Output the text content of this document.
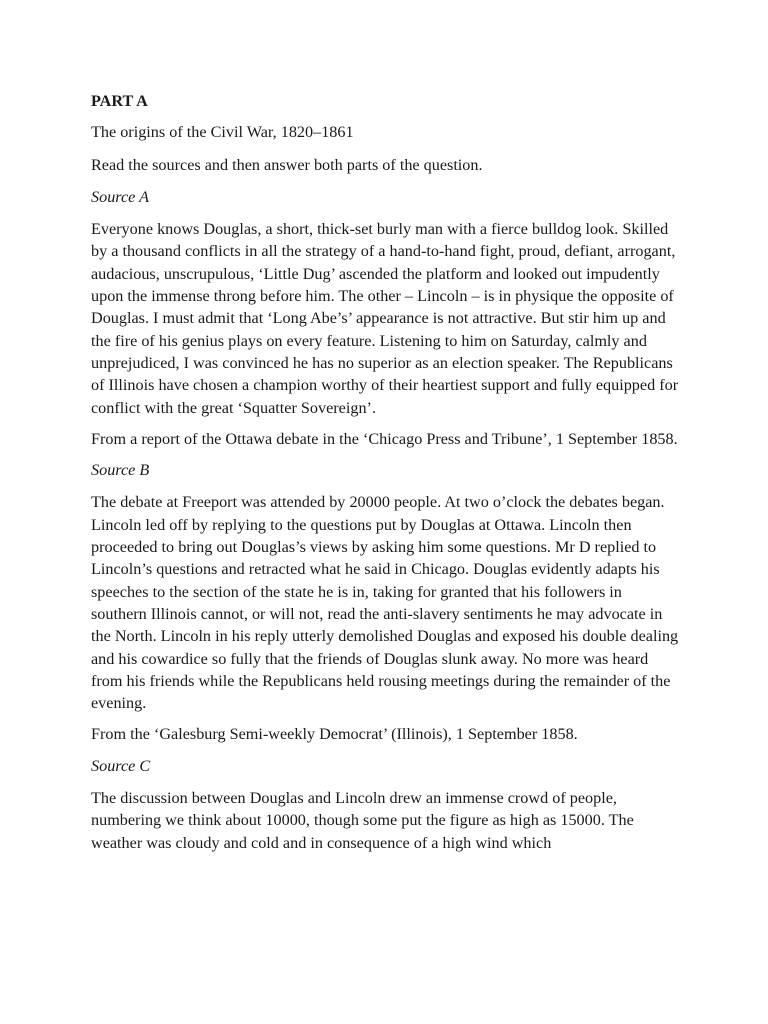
PART A
The origins of the Civil War, 1820–1861
Read the sources and then answer both parts of the question.
Source A
Everyone knows Douglas, a short, thick-set burly man with a fierce bulldog look. Skilled by a thousand conflicts in all the strategy of a hand-to-hand fight, proud, defiant, arrogant, audacious, unscrupulous, ‘Little Dug’ ascended the platform and looked out impudently upon the immense throng before him. The other – Lincoln – is in physique the opposite of Douglas. I must admit that ‘Long Abe’s’ appearance is not attractive. But stir him up and the fire of his genius plays on every feature. Listening to him on Saturday, calmly and unprejudiced, I was convinced he has no superior as an election speaker. The Republicans of Illinois have chosen a champion worthy of their heartiest support and fully equipped for conflict with the great ‘Squatter Sovereign’.
From a report of the Ottawa debate in the ‘Chicago Press and Tribune’, 1 September 1858.
Source B
The debate at Freeport was attended by 20000 people. At two o’clock the debates began. Lincoln led off by replying to the questions put by Douglas at Ottawa. Lincoln then proceeded to bring out Douglas’s views by asking him some questions. Mr D replied to Lincoln’s questions and retracted what he said in Chicago. Douglas evidently adapts his speeches to the section of the state he is in, taking for granted that his followers in southern Illinois cannot, or will not, read the anti-slavery sentiments he may advocate in the North. Lincoln in his reply utterly demolished Douglas and exposed his double dealing and his cowardice so fully that the friends of Douglas slunk away. No more was heard from his friends while the Republicans held rousing meetings during the remainder of the evening.
From the ‘Galesburg Semi-weekly Democrat’ (Illinois), 1 September 1858.
Source C
The discussion between Douglas and Lincoln drew an immense crowd of people, numbering we think about 10000, though some put the figure as high as 15000. The weather was cloudy and cold and in consequence of a high wind which
